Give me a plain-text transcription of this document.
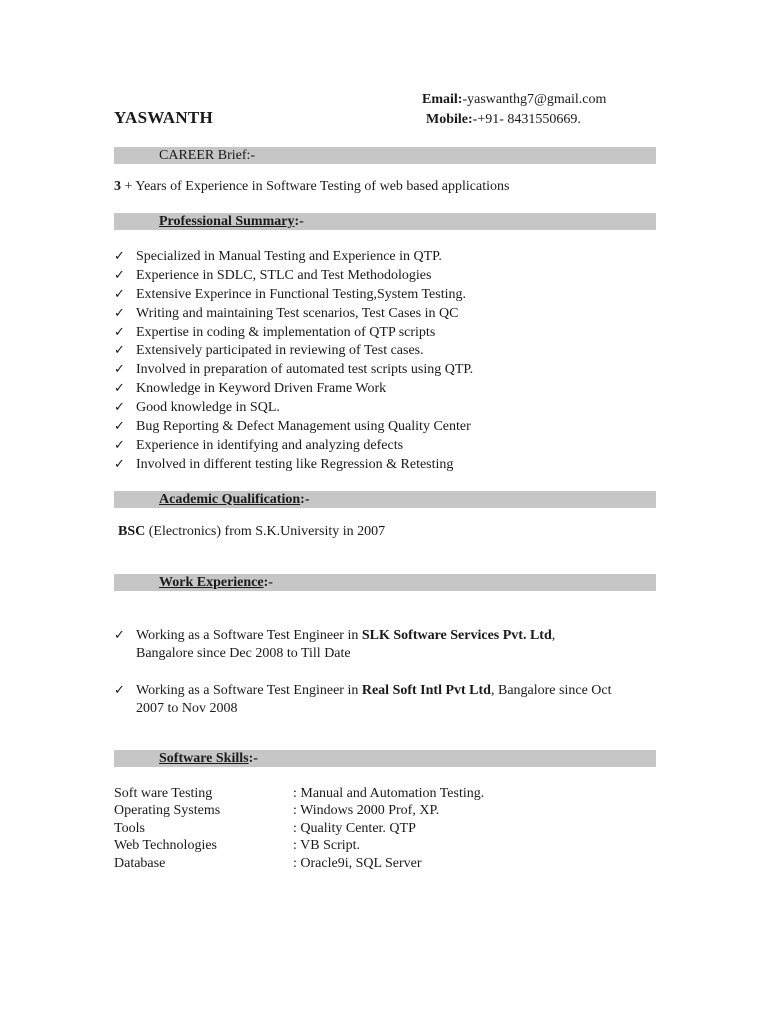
Email:-yaswanthg7@gmail.com
YASWANTH	Mobile:-+91- 8431550669.
CAREER Brief:-
3 + Years of Experience in Software Testing of web based applications
Professional Summary:-
✓ Specialized in Manual Testing and Experience in QTP.
✓ Experience in SDLC, STLC and Test Methodologies
✓ Extensive Experince in Functional Testing,System Testing.
✓ Writing and maintaining Test scenarios, Test Cases in QC
✓ Expertise in coding & implementation of QTP scripts
✓ Extensively participated in reviewing of Test cases.
✓ Involved in preparation of automated test scripts using QTP.
✓ Knowledge in Keyword Driven Frame Work
✓ Good knowledge in SQL.
✓ Bug Reporting & Defect Management using Quality Center
✓ Experience in identifying and analyzing defects
✓ Involved in different testing like Regression & Retesting
Academic Qualification:-
BSC (Electronics) from S.K.University in 2007
Work Experience:-
✓ Working as a Software Test Engineer in SLK Software Services Pvt. Ltd,
Bangalore since Dec 2008 to Till Date
✓ Working as a Software Test Engineer in Real Soft Intl Pvt Ltd, Bangalore since Oct
2007 to Nov 2008
Software Skills:-
Soft ware Testing	: Manual and Automation Testing.
Operating Systems	: Windows 2000 Prof, XP.
Tools	: Quality Center. QTP
Web Technologies	: VB Script.
Database	: Oracle9i, SQL Server
